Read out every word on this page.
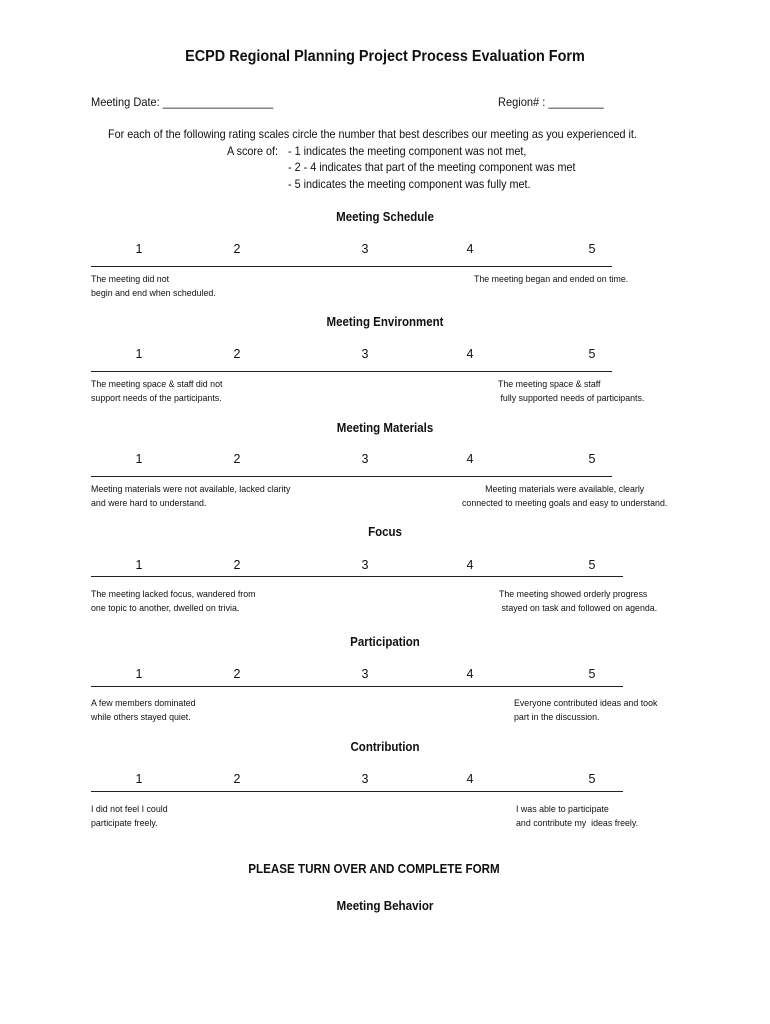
ECPD Regional Planning Project Process Evaluation Form
Meeting Date: __________________	Region# : _________
For each of the following rating scales circle the number that best describes our meeting as you experienced it.
A score of: - 1 indicates the meeting component was not met,
- 2 - 4 indicates that part of the meeting component was met
- 5 indicates the meeting component was fully met.
Meeting Schedule
1	2	3	4	5
The meeting did not
begin and end when scheduled.
The meeting began and ended on time.
Meeting Environment
1	2	3	4	5
The meeting space & staff did not
support needs of the participants.
The meeting space & staff
fully supported needs of participants.
Meeting Materials
1	2	3	4	5
Meeting materials were not available, lacked clarity
and were hard to understand.
Meeting materials were available, clearly
connected to meeting goals and easy to understand.
Focus
1	2	3	4	5
The meeting lacked focus, wandered from
one topic to another, dwelled on trivia.
The meeting showed orderly progress
stayed on task and followed on agenda.
Participation
1	2	3	4	5
A few members dominated
while others stayed quiet.
Everyone contributed ideas and took
part in the discussion.
Contribution
1	2	3	4	5
I did not feel I could
participate freely.
I was able to participate
and contribute my  ideas freely.
PLEASE TURN OVER AND COMPLETE FORM
Meeting Behavior
